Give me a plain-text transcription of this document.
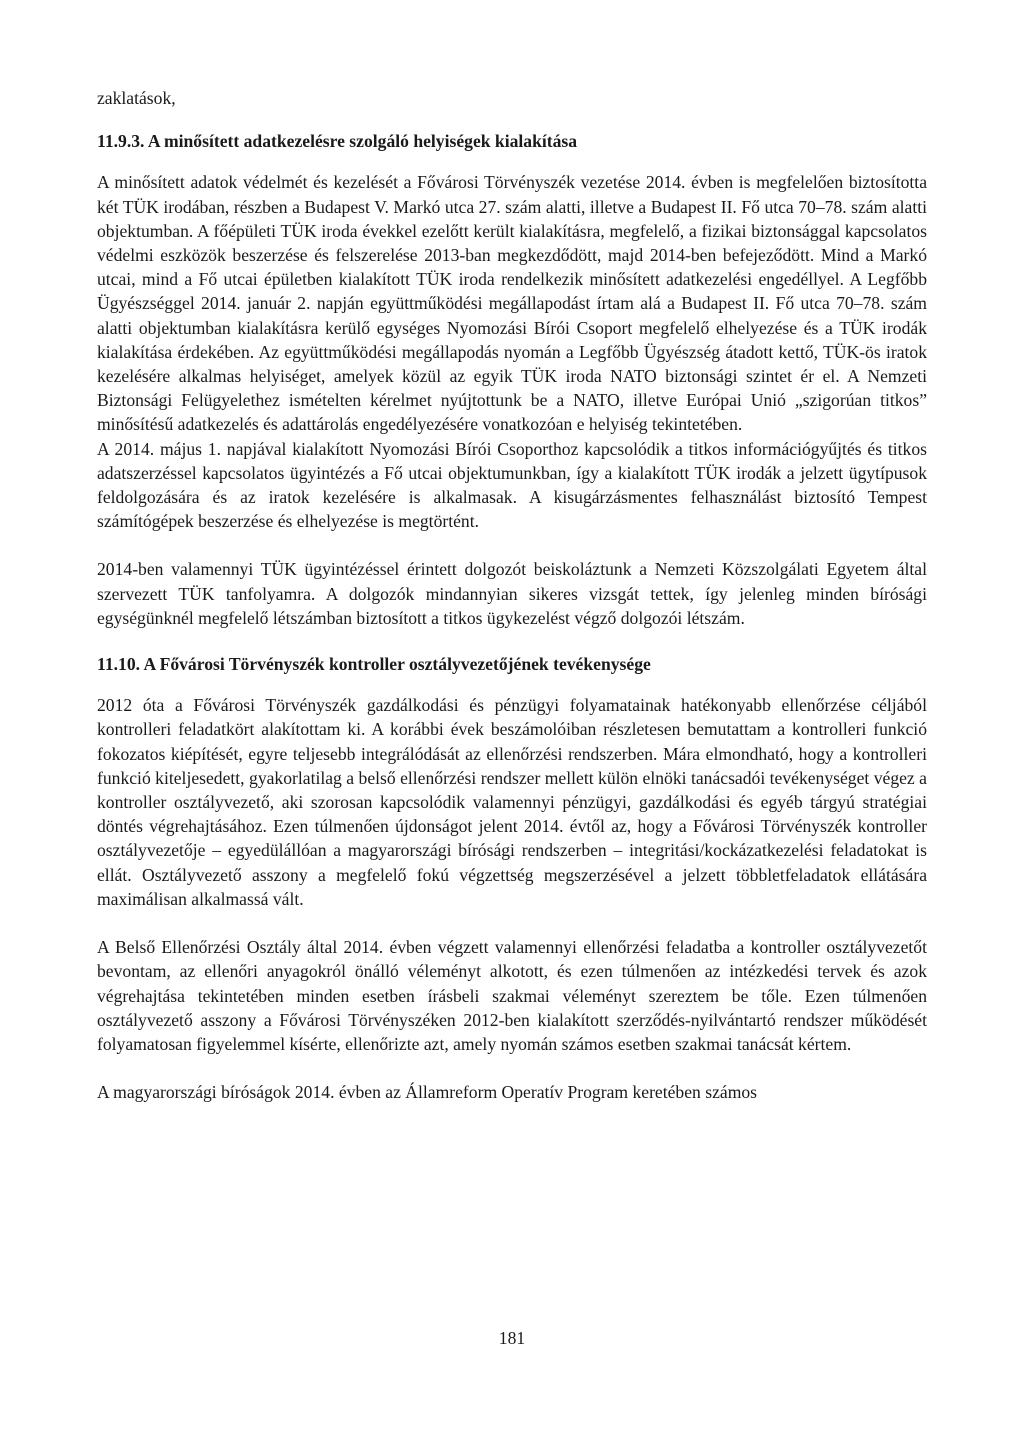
zaklatások,

11.9.3. A minősített adatkezelésre szolgáló helyiségek kialakítása

A minősített adatok védelmét és kezelését a Fővárosi Törvényszék vezetése 2014. évben is megfelelően biztosította két TÜK irodában, részben a Budapest V. Markó utca 27. szám alatti, illetve a Budapest II. Fő utca 70–78. szám alatti objektumban. A főépületi TÜK iroda évekkel ezelőtt került kialakításra, megfelelő, a fizikai biztonsággal kapcsolatos védelmi eszközök beszerzése és felszerelése 2013-ban megkezdődött, majd 2014-ben befejeződött. Mind a Markó utcai, mind a Fő utcai épületben kialakított TÜK iroda rendelkezik minősített adatkezelési engedéllyel. A Legfőbb Ügyészséggel 2014. január 2. napján együttműködési megállapodást írtam alá a Budapest II. Fő utca 70–78. szám alatti objektumban kialakításra kerülő egységes Nyomozási Bírói Csoport megfelelő elhelyezése és a TÜK irodák kialakítása érdekében. Az együttműködési megállapodás nyomán a Legfőbb Ügyészség átadott kettő, TÜK-ös iratok kezelésére alkalmas helyiséget, amelyek közül az egyik TÜK iroda NATO biztonsági szintet ér el. A Nemzeti Biztonsági Felügyelethez ismételten kérelmet nyújtottunk be a NATO, illetve Európai Unió „szigorúan titkos” minősítésű adatkezelés és adattárolás engedélyezésére vonatkozóan e helyiség tekintetében.

A 2014. május 1. napjával kialakított Nyomozási Bírói Csoporthoz kapcsolódik a titkos információgyűjtés és titkos adatszerzéssel kapcsolatos ügyintézés a Fő utcai objektumunkban, így a kialakított TÜK irodák a jelzett ügytípusok feldolgozására és az iratok kezelésére is alkalmasak. A kisugárzásmentes felhasználást biztosító Tempest számítógépek beszerzése és elhelyezése is megtörtént.

2014-ben valamennyi TÜK ügyintézéssel érintett dolgozót beiskoláztunk a Nemzeti Közszolgálati Egyetem által szervezett TÜK tanfolyamra. A dolgozók mindannyian sikeres vizsgát tettek, így jelenleg minden bírósági egységünknél megfelelő létszámban biztosított a titkos ügykezelést végző dolgozói létszám.

11.10. A Fővárosi Törvényszék kontroller osztályvezetőjének tevékenysége

2012 óta a Fővárosi Törvényszék gazdálkodási és pénzügyi folyamatainak hatékonyabb ellenőrzése céljából kontrolleri feladatkört alakítottam ki. A korábbi évek beszámolóiban részletesen bemutattam a kontrolleri funkció fokozatos kiépítését, egyre teljesebb integrálódását az ellenőrzési rendszerben. Mára elmondható, hogy a kontrolleri funkció kiteljesedett, gyakorlatilag a belső ellenőrzési rendszer mellett külön elnöki tanácsadói tevékenységet végez a kontroller osztályvezető, aki szorosan kapcsolódik valamennyi pénzügyi, gazdálkodási és egyéb tárgyú stratégiai döntés végrehajtásához. Ezen túlmenően újdonságot jelent 2014. évtől az, hogy a Fővárosi Törvényszék kontroller osztályvezetője – egyedülállóan a magyarországi bírósági rendszerben – integritási/kockázatkezelési feladatokat is ellát. Osztályvezető asszony a megfelelő fokú végzettség megszerzésével a jelzett többletfeladatok ellátására maximálisan alkalmassá vált.

A Belső Ellenőrzési Osztály által 2014. évben végzett valamennyi ellenőrzési feladatba a kontroller osztályvezetőt bevontam, az ellenőri anyagokról önálló véleményt alkotott, és ezen túlmenően az intézkedési tervek és azok végrehajtása tekintetében minden esetben írásbeli szakmai véleményt szereztem be tőle. Ezen túlmenően osztályvezető asszony a Fővárosi Törvényszéken 2012-ben kialakított szerződés-nyilvántartó rendszer működését folyamatosan figyelemmel kísérte, ellenőrizte azt, amely nyomán számos esetben szakmai tanácsát kértem.

A magyarországi bíróságok 2014. évben az Államreform Operatív Program keretében számos

181
